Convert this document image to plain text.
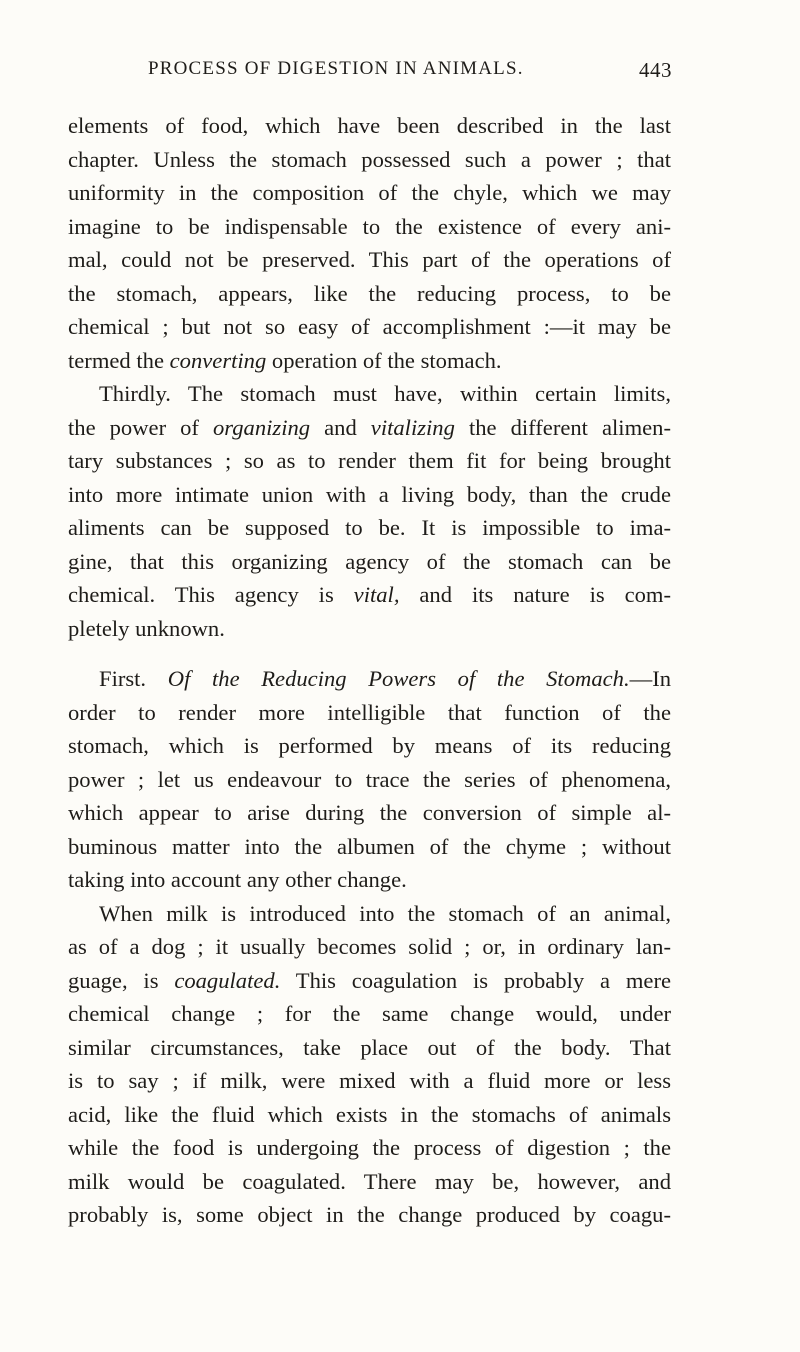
PROCESS OF DIGESTION IN ANIMALS.	443
elements of food, which have been described in the last
chapter. Unless the stomach possessed such a power ; that
uniformity in the composition of the chyle, which we may
imagine to be indispensable to the existence of every ani-
mal, could not be preserved. This part of the operations of
the stomach, appears, like the reducing process, to be
chemical ; but not so easy of accomplishment :—it may be
termed the converting operation of the stomach.
Thirdly. The stomach must have, within certain limits,
the power of organizing and vitalizing the different alimen-
tary substances ; so as to render them fit for being brought
into more intimate union with a living body, than the crude
aliments can be supposed to be. It is impossible to ima-
gine, that this organizing agency of the stomach can be
chemical. This agency is vital, and its nature is com-
pletely unknown.
First. Of the Reducing Powers of the Stomach.—In
order to render more intelligible that function of the
stomach, which is performed by means of its reducing
power ; let us endeavour to trace the series of phenomena,
which appear to arise during the conversion of simple al-
buminous matter into the albumen of the chyme ; without
taking into account any other change.
When milk is introduced into the stomach of an animal,
as of a dog ; it usually becomes solid ; or, in ordinary lan-
guage, is coagulated. This coagulation is probably a mere
chemical change ; for the same change would, under
similar circumstances, take place out of the body. That
is to say ; if milk, were mixed with a fluid more or less
acid, like the fluid which exists in the stomachs of animals
while the food is undergoing the process of digestion ; the
milk would be coagulated. There may be, however, and
probably is, some object in the change produced by coagu-
